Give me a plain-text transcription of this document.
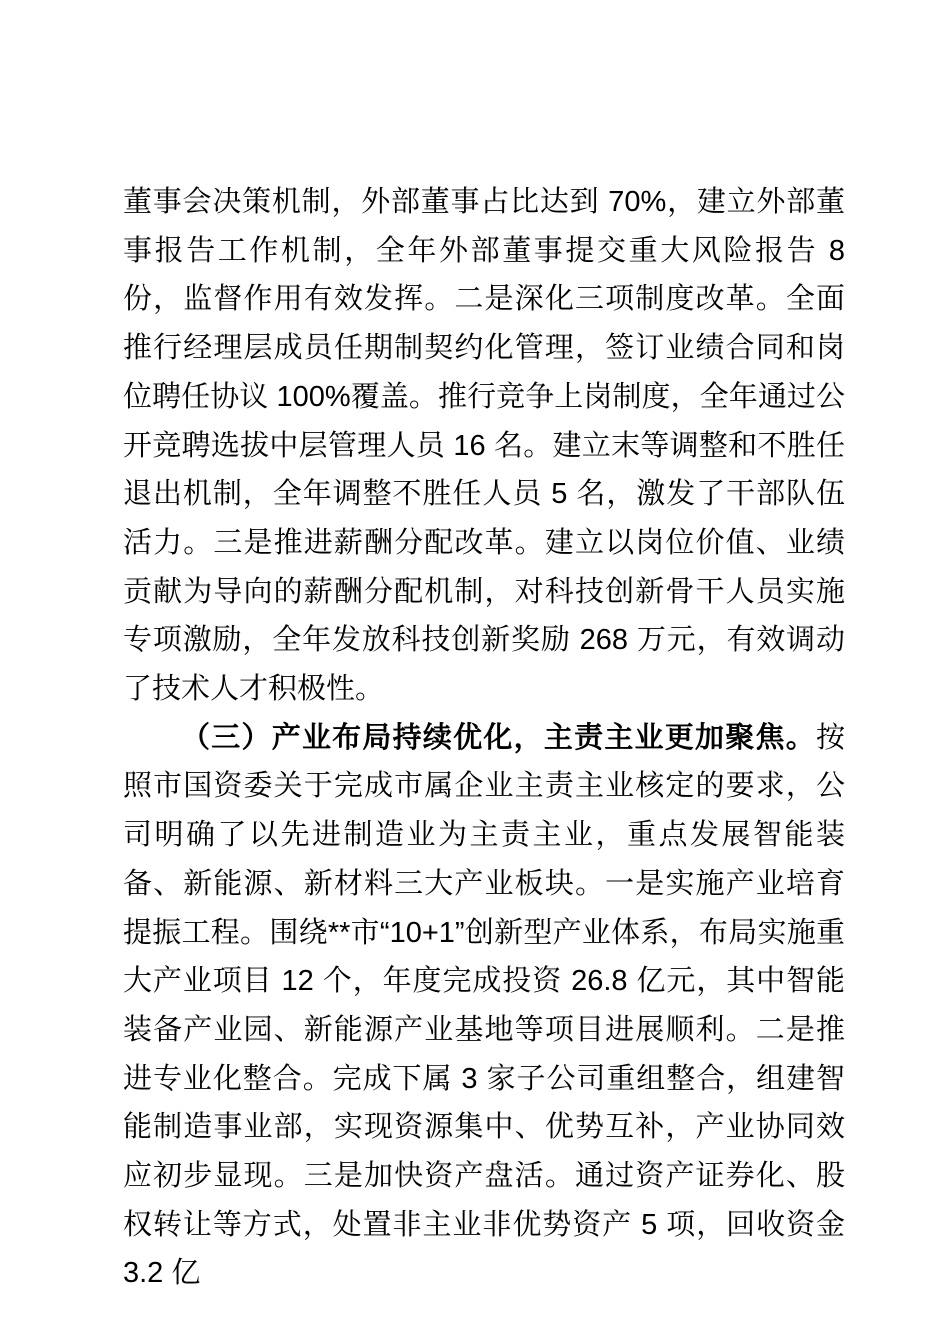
董事会决策机制，外部董事占比达到 70%，建立外部董事报告工作机制，全年外部董事提交重大风险报告 8 份，监督作用有效发挥。二是深化三项制度改革。全面推行经理层成员任期制契约化管理，签订业绩合同和岗位聘任协议 100%覆盖。推行竞争上岗制度，全年通过公开竞聘选拔中层管理人员 16 名。建立末等调整和不胜任退出机制，全年调整不胜任人员 5 名，激发了干部队伍活力。三是推进薪酬分配改革。建立以岗位价值、业绩贡献为导向的薪酬分配机制，对科技创新骨干人员实施专项激励，全年发放科技创新奖励 268 万元，有效调动了技术人才积极性。

（三）产业布局持续优化，主责主业更加聚焦。按照市国资委关于完成市属企业主责主业核定的要求，公司明确了以先进制造业为主责主业，重点发展智能装备、新能源、新材料三大产业板块。一是实施产业培育提振工程。围绕**市“10+1”创新型产业体系，布局实施重大产业项目 12 个，年度完成投资 26.8 亿元，其中智能装备产业园、新能源产业基地等项目进展顺利。二是推进专业化整合。完成下属 3 家子公司重组整合，组建智能制造事业部，实现资源集中、优势互补，产业协同效应初步显现。三是加快资产盘活。通过资产证券化、股权转让等方式，处置非主业非优势资产 5 项，回收资金 3.2 亿
